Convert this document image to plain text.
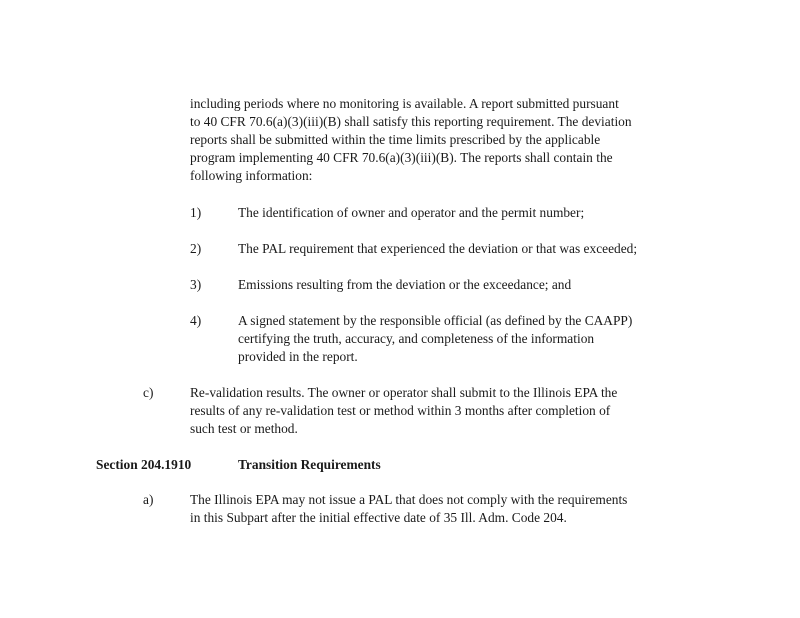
including periods where no monitoring is available. A report submitted pursuant
to 40 CFR 70.6(a)(3)(iii)(B) shall satisfy this reporting requirement. The deviation
reports shall be submitted within the time limits prescribed by the applicable
program implementing 40 CFR 70.6(a)(3)(iii)(B). The reports shall contain the
following information:
1)	The identification of owner and operator and the permit number;
2)	The PAL requirement that experienced the deviation or that was exceeded;
3)	Emissions resulting from the deviation or the exceedance; and
4)	A signed statement by the responsible official (as defined by the CAAPP)
certifying the truth, accuracy, and completeness of the information
provided in the report.
c)	Re-validation results. The owner or operator shall submit to the Illinois EPA the
results of any re-validation test or method within 3 months after completion of
such test or method.
Section 204.1910	Transition Requirements
a)	The Illinois EPA may not issue a PAL that does not comply with the requirements
in this Subpart after the initial effective date of 35 Ill. Adm. Code 204.
